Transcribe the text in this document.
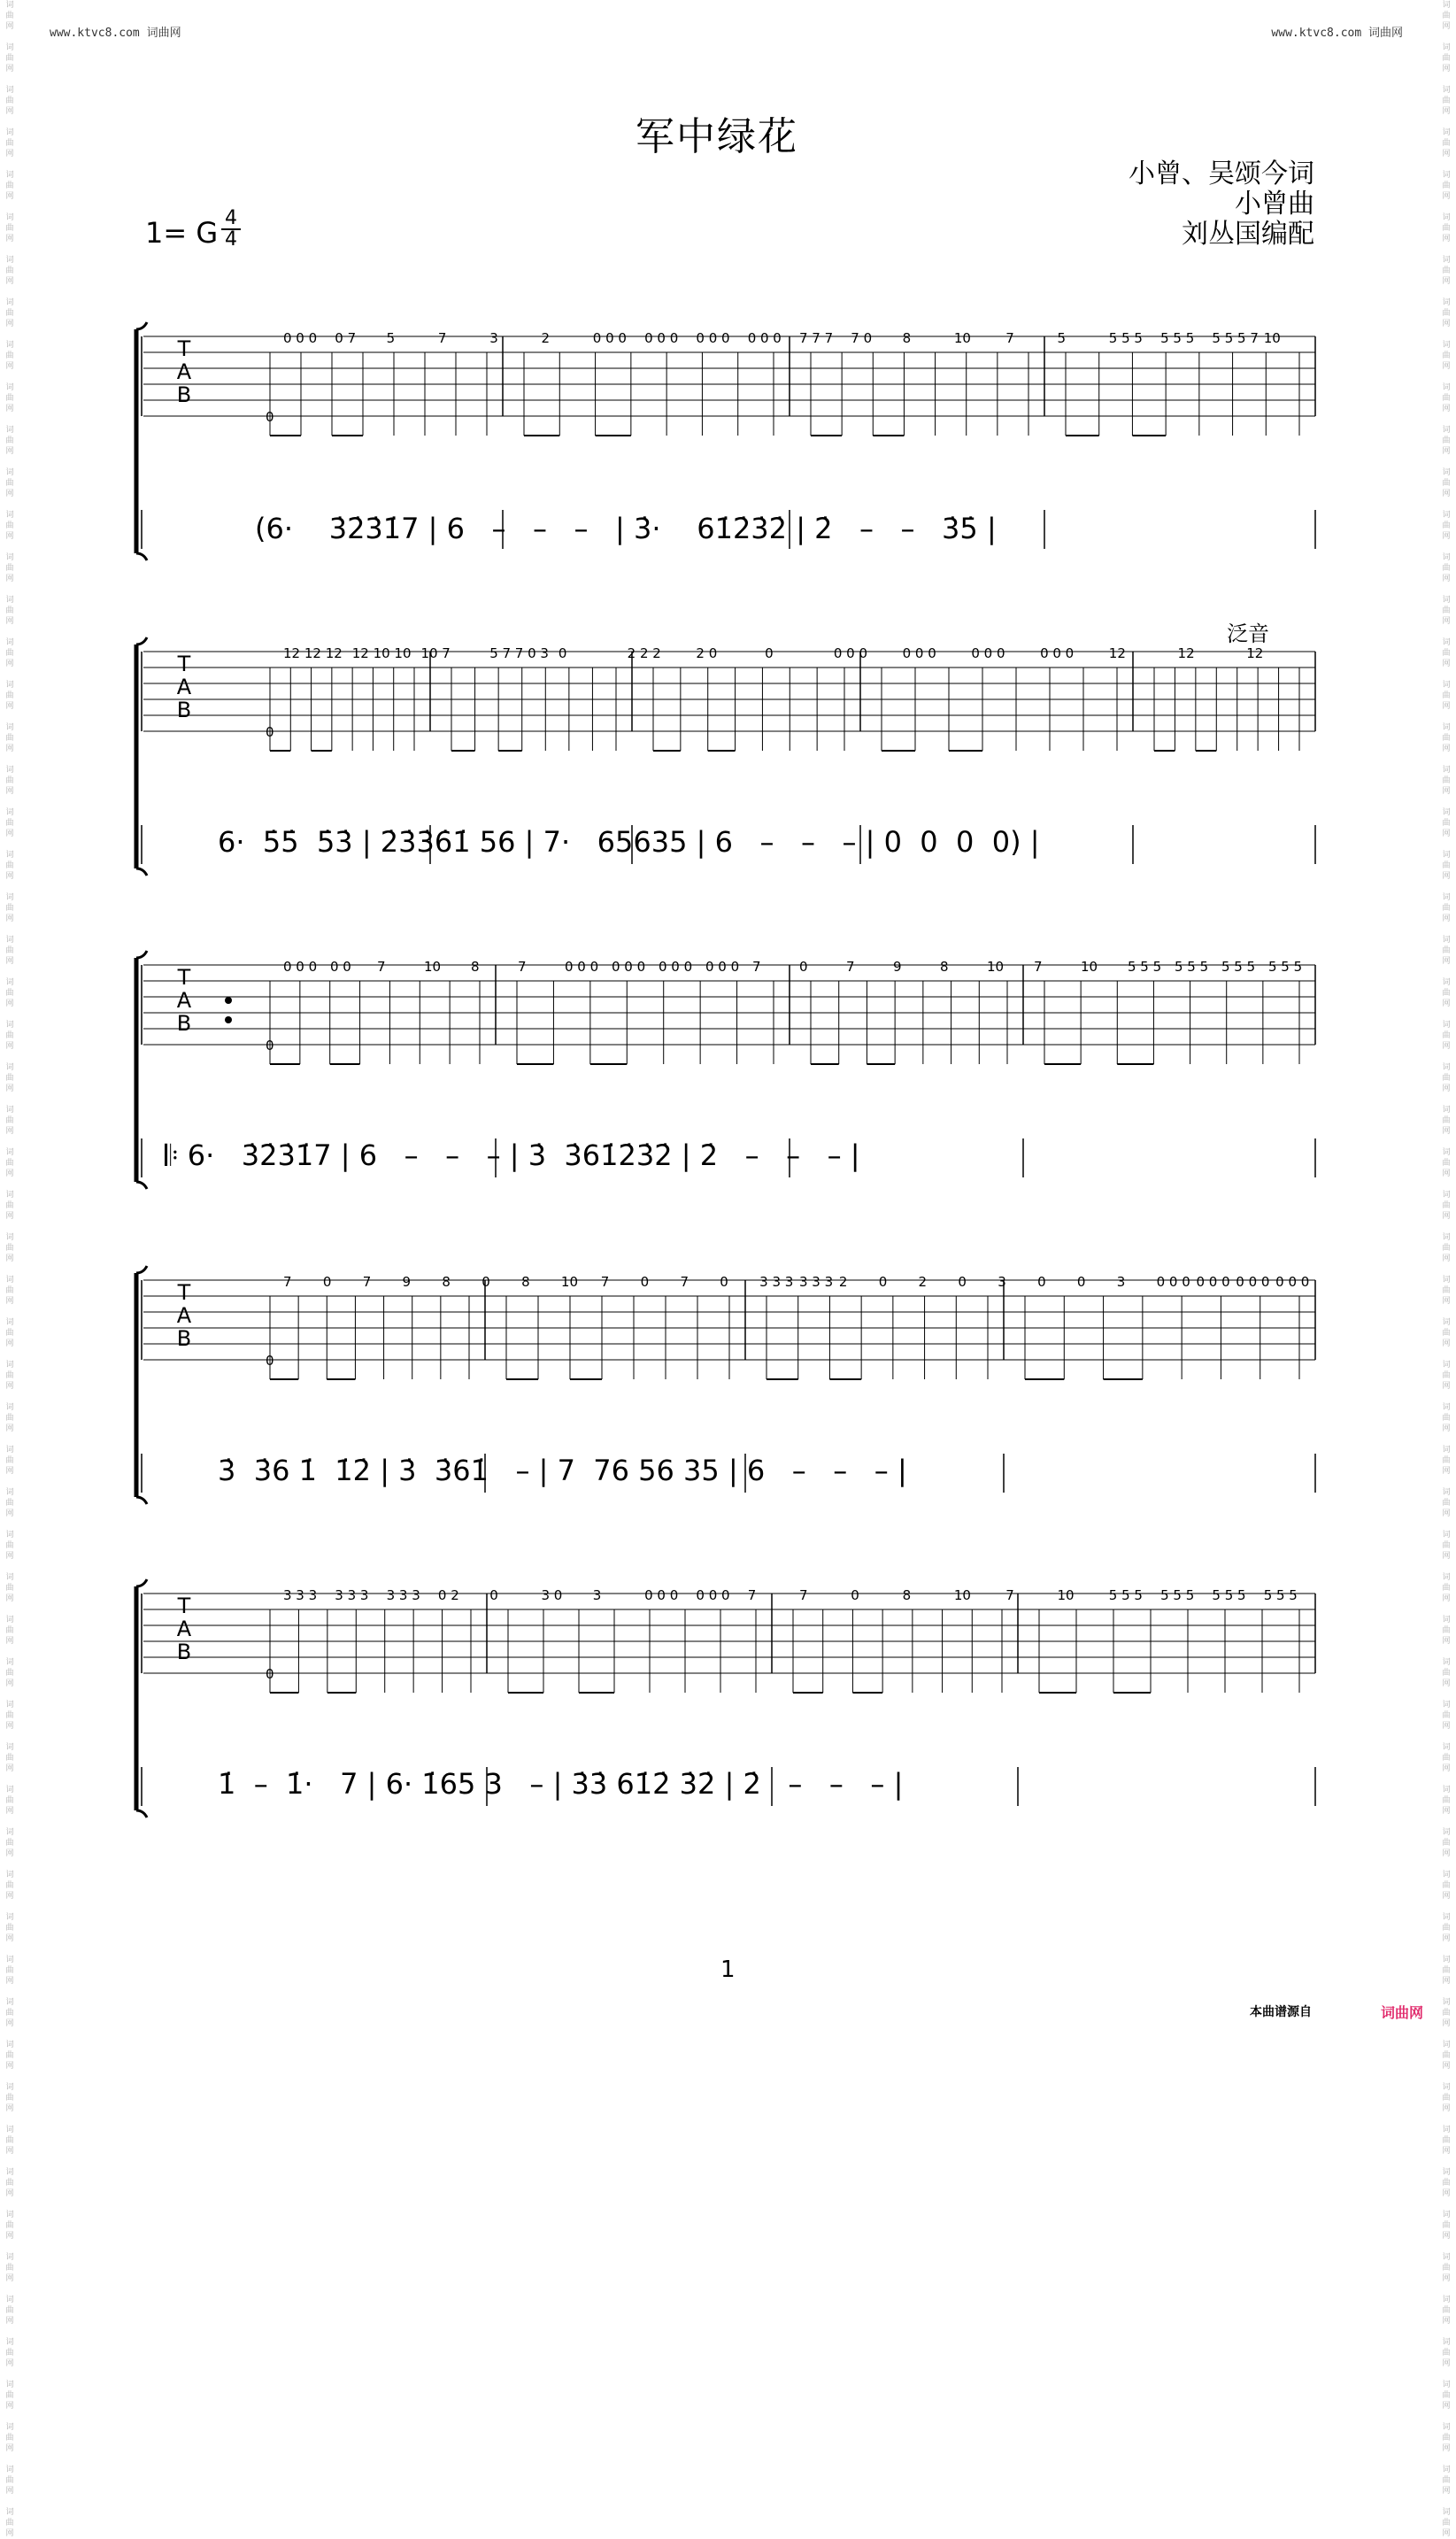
词
曲
网

词
曲
网

词
曲
网

词
曲
网

词
曲
网

词
曲
网

词
曲
网

词
曲
网

词
曲
网

词
曲
网

词
曲
网

词
曲
网

词
曲
网

词
曲
网

词
曲
网

词
曲
网

词
曲
网

词
曲
网

词
曲
网

词
曲
网

词
曲
网

词
曲
网

词
曲
网

词
曲
网

词
曲
网

词
曲
网

词
曲
网

词
曲
网

词
曲
网

词
曲
网

词
曲
网

词
曲
网

词
曲
网

词
曲
网

词
曲
网

词
曲
网

词
曲
网

词
曲
网

词
曲
网

词
曲
网

词
曲
网

词
曲
网

词
曲
网

词
曲
网

词
曲
网

词
曲
网

词
曲
网

词
曲
网

词
曲
网

词
曲
网

词
曲
网

词
曲
网

词
曲
网

词
曲
网

词
曲
网

词
曲
网

词
曲
网

词
曲
网

词
曲
网

词
曲
网

词
曲
网

词
曲
网

词
曲
网

词
曲
网

词
曲
网

词
曲
网

词
曲
网

词
曲
网

词
曲
网

词
曲
网

词
曲
网

词
曲
网

词
曲
网

词
曲
网

词
曲
网

词
曲
网

词
曲
网

词
曲
网

词
曲
网

词
曲
网

词
曲
网

词
曲
网

词
曲
网

词
曲
网

词
曲
网

词
曲
网

词
曲
网

词
曲
网

词
曲
网

词
曲
网

词
曲
网

词
曲
网

词
曲
网

词
曲
网

词
曲
网

词
曲
网

词
曲
网

词
曲
网

词
曲
网

词
曲
网

词
曲
网

词
曲
网

词
曲
网

词
曲
网

词
曲
网

词
曲
网

词
曲
网

词
曲
网

词
曲
网

词
曲
网

词
曲
网

词
曲
网

词
曲
网

词
曲
网

词
曲
网

词
曲
网

词
曲
网

词
曲
网

词
曲
网

词
曲
网

www.ktvc8.com 词曲网	www.ktvc8.com 词曲网
军中绿花
小曾、吴颂今词
小曾曲
刘丛国编配
1= G 4
4
T
A
B
0 0 0 0 7 5	7	3	2	0 0 0 0 0 0 0 0 0 0 0 0 7 7 7 7 0 8	10	7	5	5 5 5 5 5 5 5 5 5 7 10
0
T
A
B
12 12 12 12 10 10 10 7	5 7 7 0 3 0	2 2 2	2 0	0	0 0 0	0 0 0	0 0 0	0 0 0	12	12	12
0
T
A
B
0 0 0 0 0 7	10 8	7	0 0 0 0 0 0 0 0 0 0 0 0 7	0	7	9	8	10 7	10 5 5 5 5 5 5 5 5 5 5 5 5
0
T
A
B
7 0 7 9 8 0 8 10 7 0 7 0 3 3 3 3 3 3 2 0 2 0 3 0 0 3 0 0 0 0 0 0 0 0 0 0 0 0
0
T
A
B
3 3 3 3 3 3 3 3 3 0 2 0	3 0 3	0 0 0 0 0 0 7	7	0	8	10	7	10	5 5 5 5 5 5 5 5 5 5 5 5
0
(6·    3̇2̇3̇1̇7 | 6   –   –   –   | 3̇·    61̇2̇3̇2̇ | 2̇   –   –   3̇5̇ |
6·  5̇5̇  5̇3̇ | 2̇3̇3̇6̇1̇ 56 | 7·   65635 | 6   –   –   – | 0  0  0  0) |
𝄆 6·   3̇2̇3̇1̇7 | 6   –   –   – | 3̇  3̇61̇2̇3̇2̇ | 2̇   –   –   – |
3̇  3̇6 1̇  1̇2̇ | 3̇  3̇61̇   – | 7  76 56 35 | 6   –   –   – |
1̇  –  1̇·   7 | 6· 1̇65 3   – | 3̇3̇ 61̇2̇ 3̇2̇ | 2̇   –   –   – |
泛音
1
本曲谱源自	词曲网
